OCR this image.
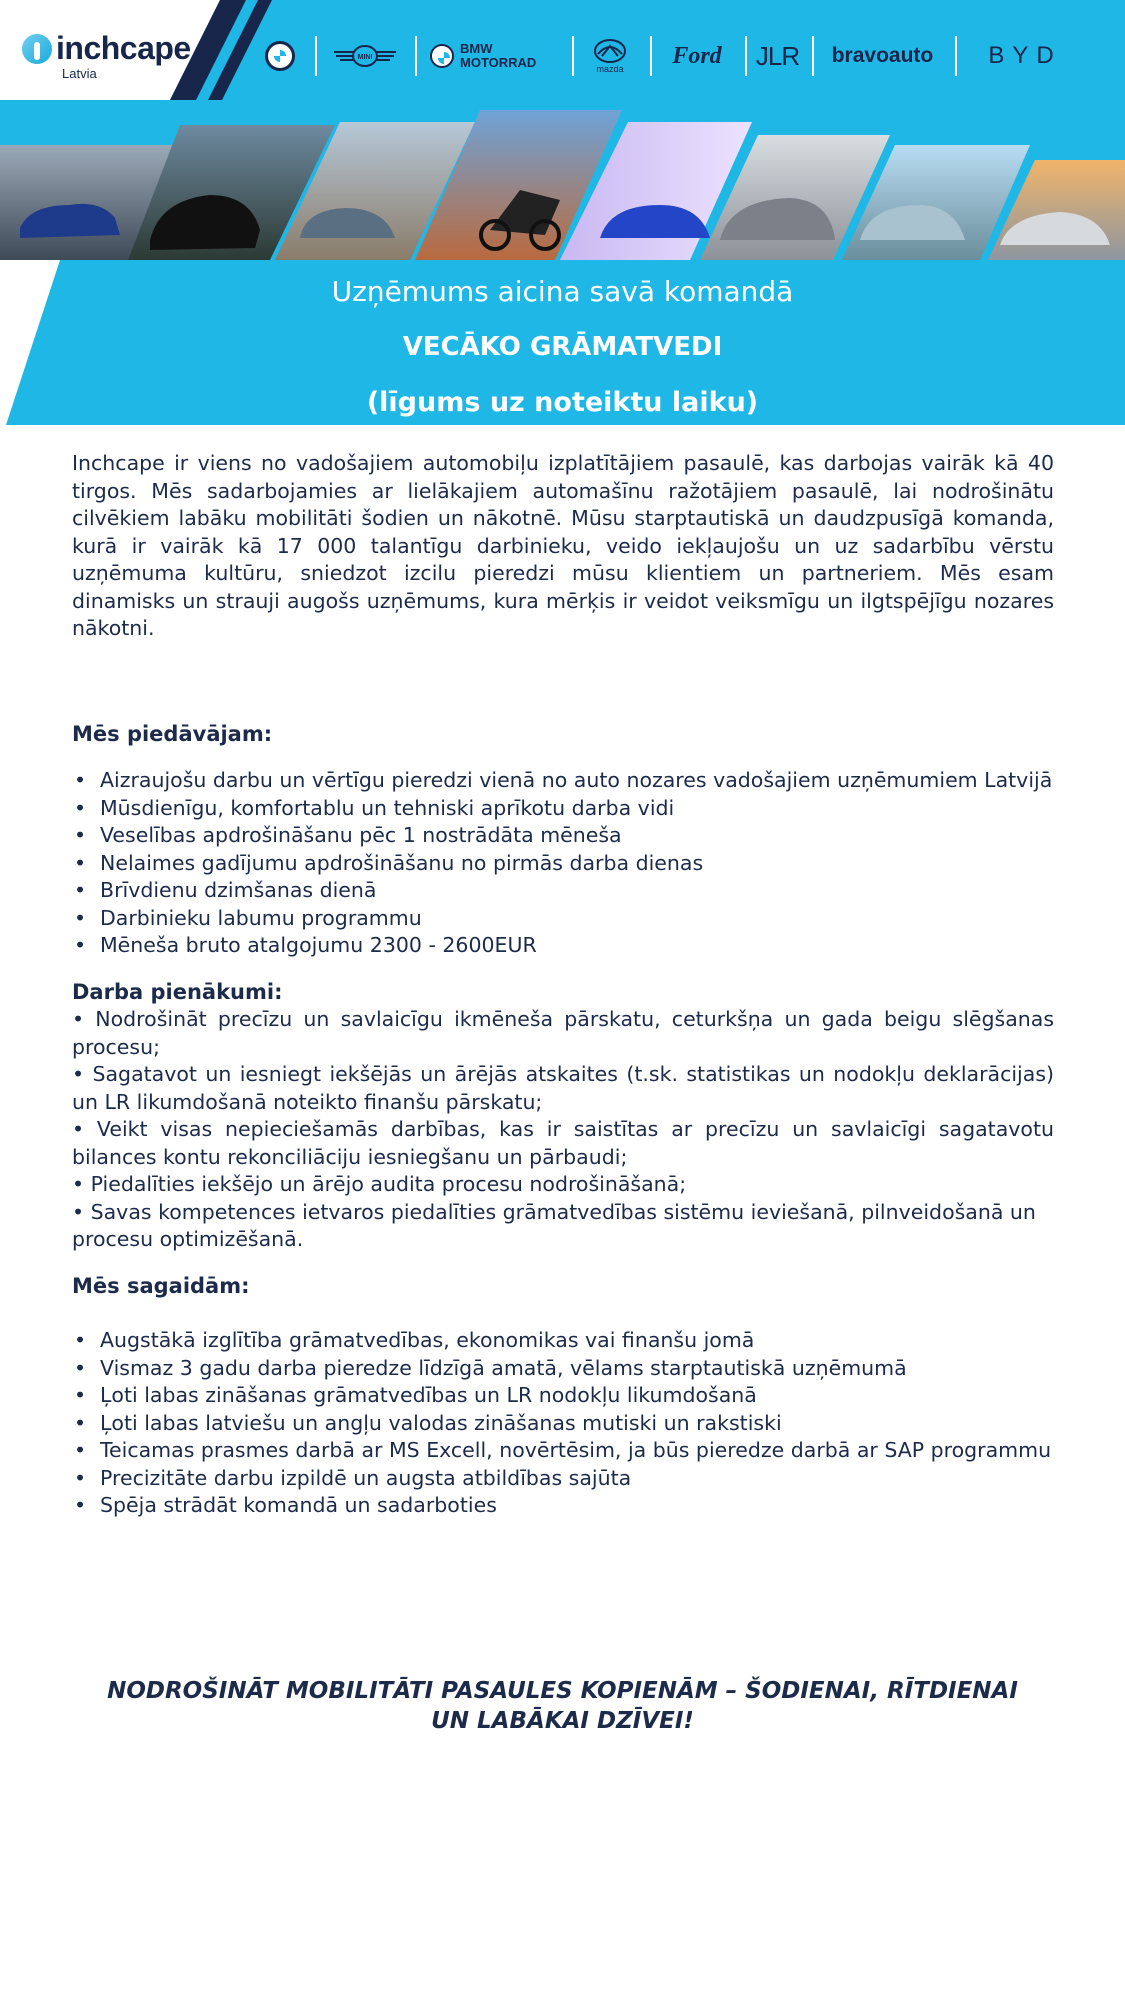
inchcape
Latvia
MINI
BMW MOTORRAD	mazda
Ford JLR bravoauto BYD
Uzņēmums aicina savā komandā
VECĀKO GRĀMATVEDI
(līgums uz noteiktu laiku)
Inchcape ir viens no vadošajiem automobiļu izplatītājiem pasaulē, kas darbojas vairāk kā 40 tirgos. Mēs sadarbojamies ar lielākajiem automašīnu ražotājiem pasaulē, lai nodrošinātu cilvēkiem labāku mobilitāti šodien un nākotnē. Mūsu starptautiskā un daudzpusīgā komanda, kurā ir vairāk kā 17 000 talantīgu darbinieku, veido iekļaujošu un uz sadarbību vērstu uzņēmuma kultūru, sniedzot izcilu pieredzi mūsu klientiem un partneriem. Mēs esam dinamisks un strauji augošs uzņēmums, kura mērķis ir veidot veiksmīgu un ilgtspējīgu nozares nākotni.
Mēs piedāvājam:
• Aizraujošu darbu un vērtīgu pieredzi vienā no auto nozares vadošajiem uzņēmumiem Latvijā
• Mūsdienīgu, komfortablu un tehniski aprīkotu darba vidi
• Veselības apdrošināšanu pēc 1 nostrādāta mēneša
• Nelaimes gadījumu apdrošināšanu no pirmās darba dienas
• Brīvdienu dzimšanas dienā
• Darbinieku labumu programmu
• Mēneša bruto atalgojumu 2300 - 2600EUR
Darba pienākumi:
• Nodrošināt precīzu un savlaicīgu ikmēneša pārskatu, ceturkšņa un gada beigu slēgšanas procesu;
• Sagatavot un iesniegt iekšējās un ārējās atskaites (t.sk. statistikas un nodokļu deklarācijas) un LR likumdošanā noteikto finanšu pārskatu;
• Veikt visas nepieciešamās darbības, kas ir saistītas ar precīzu un savlaicīgi sagatavotu bilances kontu rekonciliāciju iesniegšanu un pārbaudi;
• Piedalīties iekšējo un ārējo audita procesu nodrošināšanā;
• Savas kompetences ietvaros piedalīties grāmatvedības sistēmu ieviešanā, pilnveidošanā un procesu optimizēšanā.
Mēs sagaidām:
• Augstākā izglītība grāmatvedības, ekonomikas vai finanšu jomā
• Vismaz 3 gadu darba pieredze līdzīgā amatā, vēlams starptautiskā uzņēmumā
• Ļoti labas zināšanas grāmatvedības un LR nodokļu likumdošanā
• Ļoti labas latviešu un angļu valodas zināšanas mutiski un rakstiski
• Teicamas prasmes darbā ar MS Excell, novērtēsim, ja būs pieredze darbā ar SAP programmu
• Precizitāte darbu izpildē un augsta atbildības sajūta
• Spēja strādāt komandā un sadarboties
NODROŠINĀT MOBILITĀTI PASAULES KOPIENĀM – ŠODIENAI, RĪTDIENAI UN LABĀKAI DZĪVEI!
